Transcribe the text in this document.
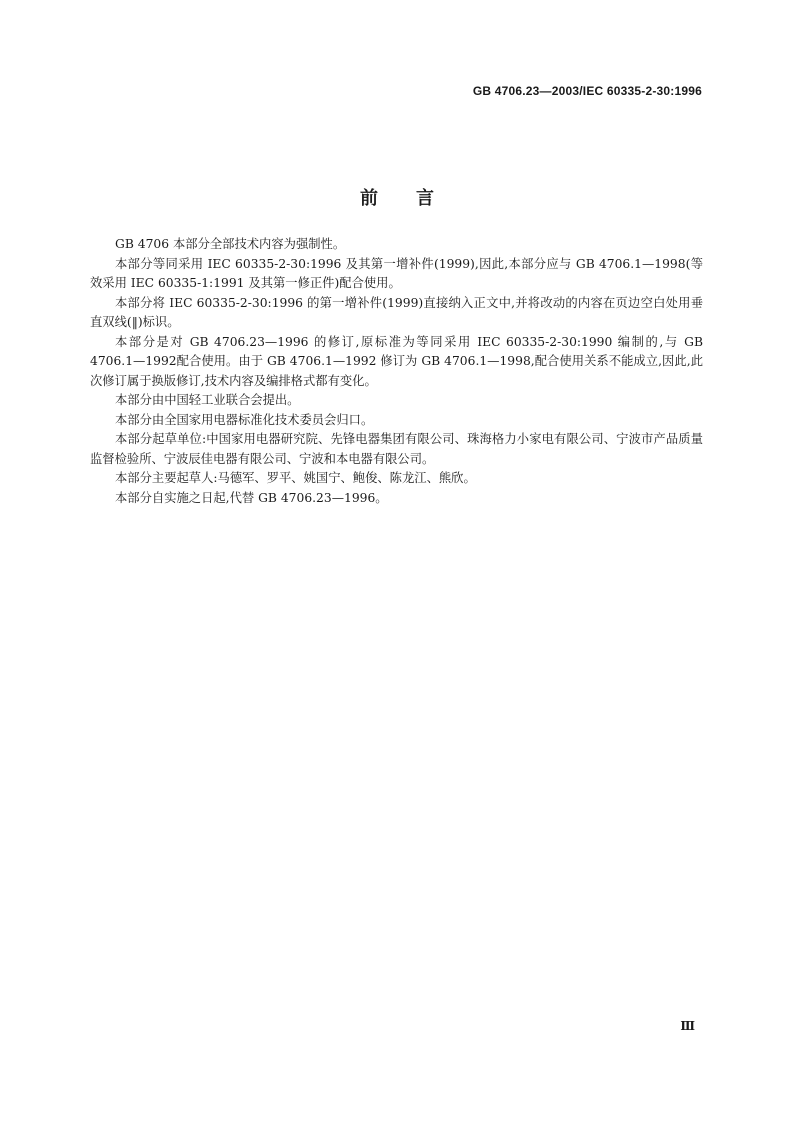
GB 4706.23—2003/IEC 60335-2-30:1996
前言

GB 4706 本部分全部技术内容为强制性。

本部分等同采用 IEC 60335-2-30:1996 及其第一增补件(1999),因此,本部分应与 GB 4706.1—1998(等效采用 IEC 60335-1:1991 及其第一修正件)配合使用。

本部分将 IEC 60335-2-30:1996 的第一增补件(1999)直接纳入正文中,并将改动的内容在页边空白处用垂直双线(‖)标识。

本部分是对 GB 4706.23—1996 的修订,原标准为等同采用 IEC 60335-2-30:1990 编制的,与 GB 4706.1—1992配合使用。由于 GB 4706.1—1992 修订为 GB 4706.1—1998,配合使用关系不能成立,因此,此次修订属于换版修订,技术内容及编排格式都有变化。

本部分由中国轻工业联合会提出。

本部分由全国家用电器标准化技术委员会归口。

本部分起草单位:中国家用电器研究院、先锋电器集团有限公司、珠海格力小家电有限公司、宁波市产品质量监督检验所、宁波辰佳电器有限公司、宁波和本电器有限公司。

本部分主要起草人:马德军、罗平、姚国宁、鲍俊、陈龙江、熊欣。

本部分自实施之日起,代替 GB 4706.23—1996。

Ⅲ
